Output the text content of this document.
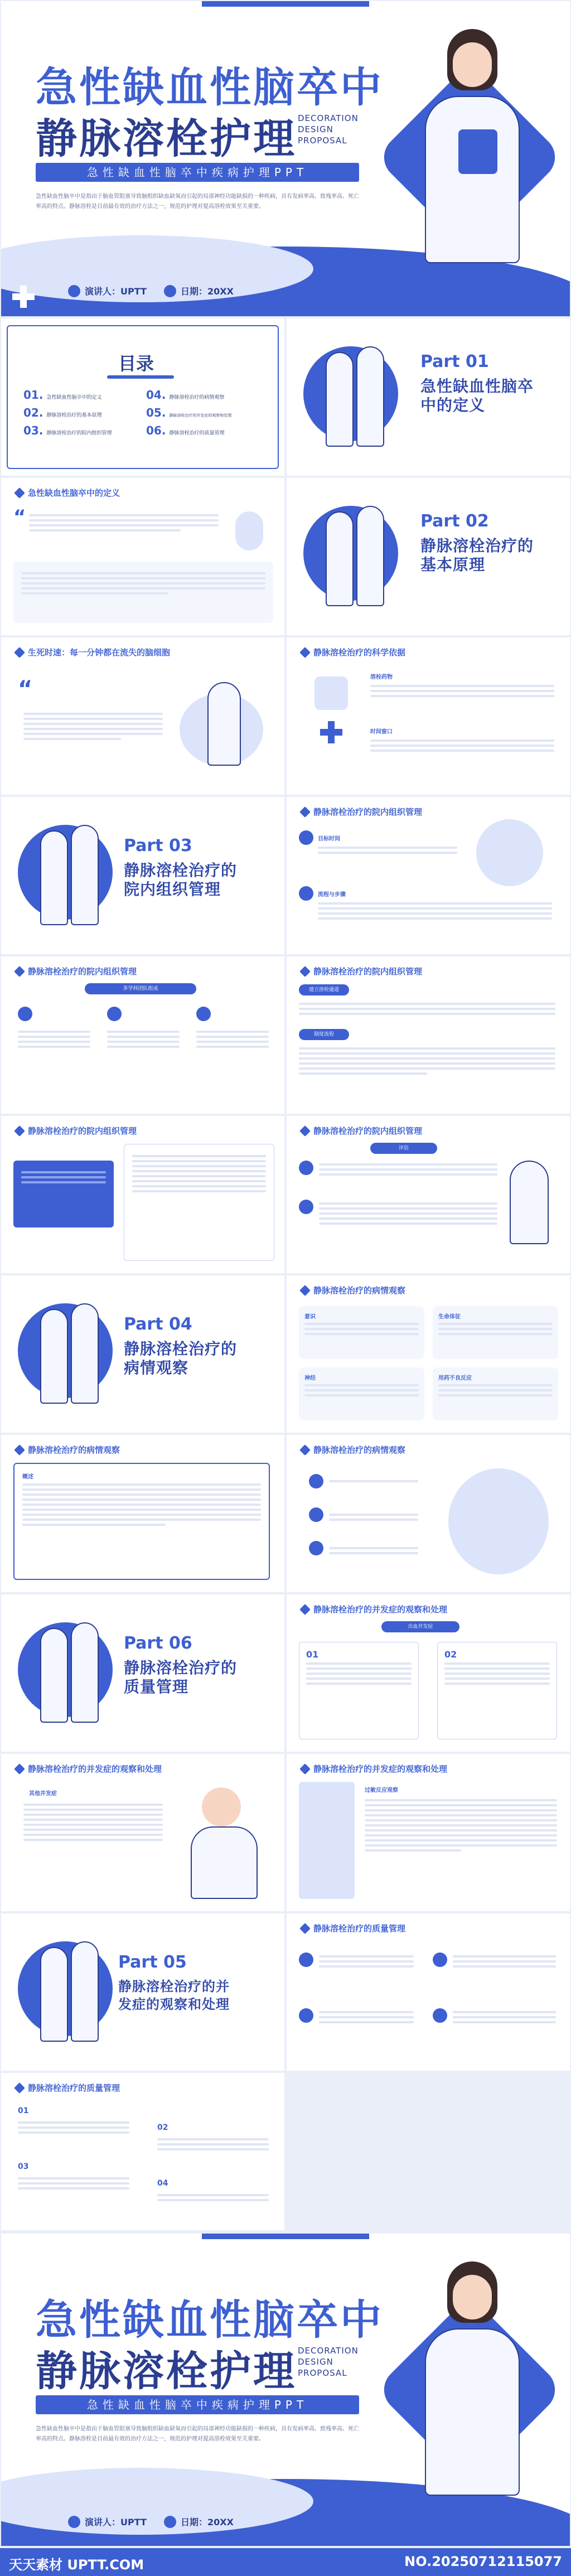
急性缺血性脑卒中
静脉溶栓护理 DECORATION
DESIGN
PROPOSAL
急性缺血性脑卒中疾病护理PPT
急性缺血性脑卒中是指由于脑血管阻塞导致脑组织缺血缺氧而引起的局部神经功能缺损的一种疾病，具有发病率高、致残率高、死亡率高的特点。静脉溶栓是目前最有效的治疗方法之一，规范的护理对提高溶栓效果至关重要。
演讲人：UPTT	日期：20XX
目录
01. 急性缺血性脑卒中的定义	04. 静脉溶栓治疗的病情观察
02. 静脉溶栓治疗的基本原理	05. 静脉溶栓治疗的并发症的观察和处理
03. 静脉溶栓治疗的院内组织管理	06. 静脉溶栓治疗的质量管理
Part 01
急性缺血性脑卒
中的定义
急性缺血性脑卒中的定义
“	Part 02
静脉溶栓治疗的
基本原理
生死时速：每一分钟都在流失的脑细胞
“
静脉溶栓治疗的科学依据
溶栓药物
时间窗口
Part 03
静脉溶栓治疗的
院内组织管理
静脉溶栓治疗的院内组织管理
目标时间
流程与步骤
静脉溶栓治疗的院内组织管理
多学科团队组成
静脉溶栓治疗的院内组织管理
建立溶栓通道
制度流程
静脉溶栓治疗的院内组织管理	静脉溶栓治疗的院内组织管理
评估
Part 04
静脉溶栓治疗的
病情观察
静脉溶栓治疗的病情观察
意识	生命体征
神经	用药不良反应
静脉溶栓治疗的病情观察
概述
静脉溶栓治疗的病情观察
Part 06
静脉溶栓治疗的
质量管理
静脉溶栓治疗的并发症的观察和处理
出血并发症
01	02
静脉溶栓治疗的并发症的观察和处理
其他并发症
静脉溶栓治疗的并发症的观察和处理
过敏反应观察
Part 05
静脉溶栓治疗的并
发症的观察和处理
静脉溶栓治疗的质量管理
静脉溶栓治疗的质量管理
01
02
03
04
急性缺血性脑卒中
静脉溶栓护理 DECORATION
DESIGN
PROPOSAL
急性缺血性脑卒中疾病护理PPT
急性缺血性脑卒中是指由于脑血管阻塞导致脑组织缺血缺氧而引起的局部神经功能缺损的一种疾病，具有发病率高、致残率高、死亡率高的特点。静脉溶栓是目前最有效的治疗方法之一，规范的护理对提高溶栓效果至关重要。
演讲人：UPTT	日期：20XX
天天素材 UPTT.COM	NO.20250712115077
